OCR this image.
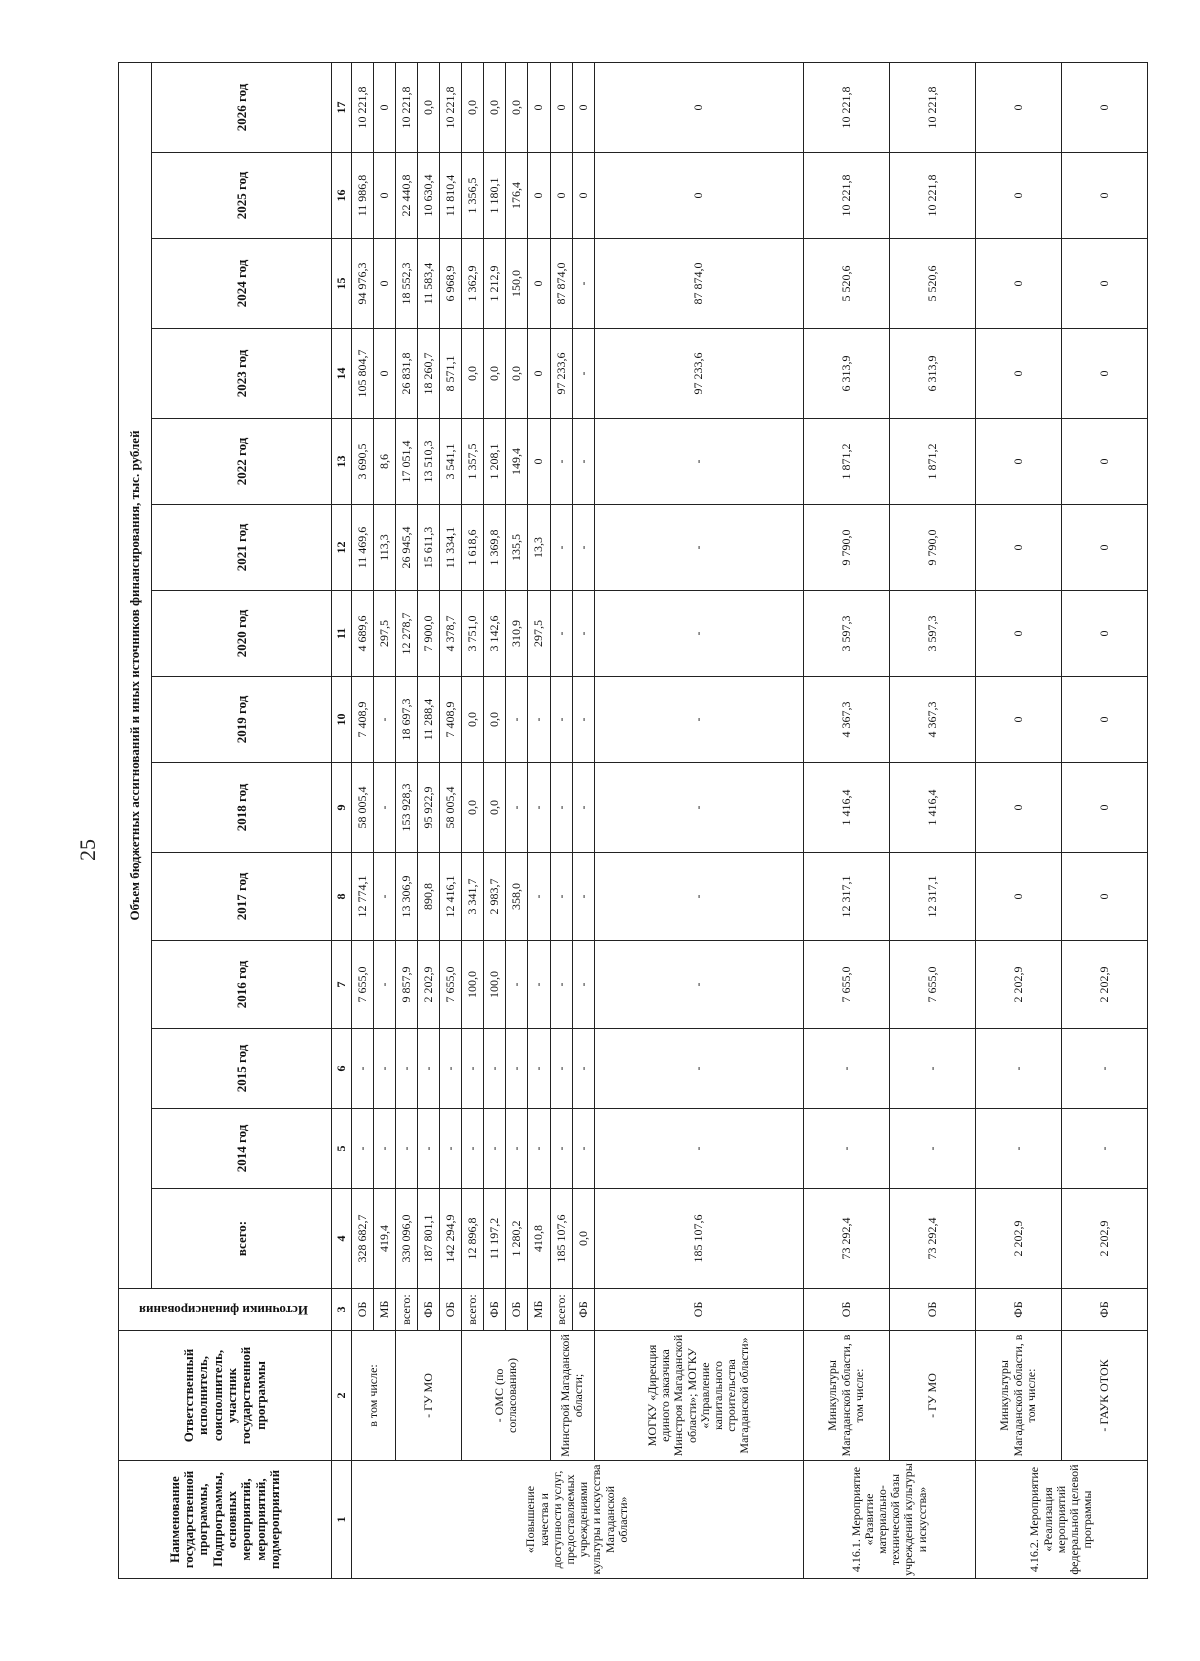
25
Наименование государственной программы, Подпрограммы, основных мероприятий, мероприятий, подмероприятий	Ответственный исполнитель, соисполнитель, участник государственной программы	Источники финансирования	Объем бюджетных ассигнований и иных источников финансирования, тыс. рублей													
			всего:	2014 год	2015 год	2016 год	2017 год	2018 год	2019 год	2020 год	2021 год	2022 год	2023 год	2024 год	2025 год	2026 год
1	2	3	4	5	6	7	8	9	10	11	12	13	14	15	16	17
«Повышение качества и доступности услуг, предоставляемых учреждениями культуры и искусства Магаданской области»	в том числе:	ОБ	328 682,7	-	-	7 655,0	12 774,1	58 005,4	7 408,9	4 689,6	11 469,6	3 690,5	105 804,7	94 976,3	11 986,8	10 221,8
		МБ	419,4	-	-	-	-	-	-	297,5	113,3	8,6	0	0	0	0
	- ГУ МО	всего:	330 096,0	-	-	9 857,9	13 306,9	153 928,3	18 697,3	12 278,7	26 945,4	17 051,4	26 831,8	18 552,3	22 440,8	10 221,8
		ФБ	187 801,1	-	-	2 202,9	890,8	95 922,9	11 288,4	7 900,0	15 611,3	13 510,3	18 260,7	11 583,4	10 630,4	0,0
		ОБ	142 294,9	-	-	7 655,0	12 416,1	58 005,4	7 408,9	4 378,7	11 334,1	3 541,1	8 571,1	6 968,9	11 810,4	10 221,8
	- ОМС (по согласованию)	всего:	12 896,8	-	-	100,0	3 341,7	0,0	0,0	3 751,0	1 618,6	1 357,5	0,0	1 362,9	1 356,5	0,0
		ФБ	11 197,2	-	-	100,0	2 983,7	0,0	0,0	3 142,6	1 369,8	1 208,1	0,0	1 212,9	1 180,1	0,0
		ОБ	1 280,2	-	-	-	358,0	-	-	310,9	135,5	149,4	0,0	150,0	176,4	0,0
		МБ	410,8	-	-	-	-	-	-	297,5	13,3	0	0	0	0	0
	Минстрой Магаданской области;	всего:	185 107,6	-	-	-	-	-	-	-	-	-	97 233,6	87 874,0	0	0
		ФБ	0,0	-	-	-	-	-	-	-	-	-	-	-	0	0
	МОГКУ «Дирекция единого заказчика Минстроя Магаданской области»; МОГКУ «Управление капитального строительства Магаданской области»	ОБ	185 107,6	-	-	-	-	-	-	-	-	-	97 233,6	87 874,0	0	0
4.16.1. Мероприятие «Развитие материально-технической базы учреждений культуры и искусства»	Минкультуры Магаданской области, в том числе:	ОБ	73 292,4	-	-	7 655,0	12 317,1	1 416,4	4 367,3	3 597,3	9 790,0	1 871,2	6 313,9	5 520,6	10 221,8	10 221,8
	- ГУ МО	ОБ	73 292,4	-	-	7 655,0	12 317,1	1 416,4	4 367,3	3 597,3	9 790,0	1 871,2	6 313,9	5 520,6	10 221,8	10 221,8
4.16.2. Мероприятие «Реализация мероприятий федеральной целевой программы	Минкультуры Магаданской области, в том числе:	ФБ	2 202,9	-	-	2 202,9	0	0	0	0	0	0	0	0	0	0
	- ГАУК ОТОК	ФБ	2 202,9	-	-	2 202,9	0	0	0	0	0	0	0	0	0	0
